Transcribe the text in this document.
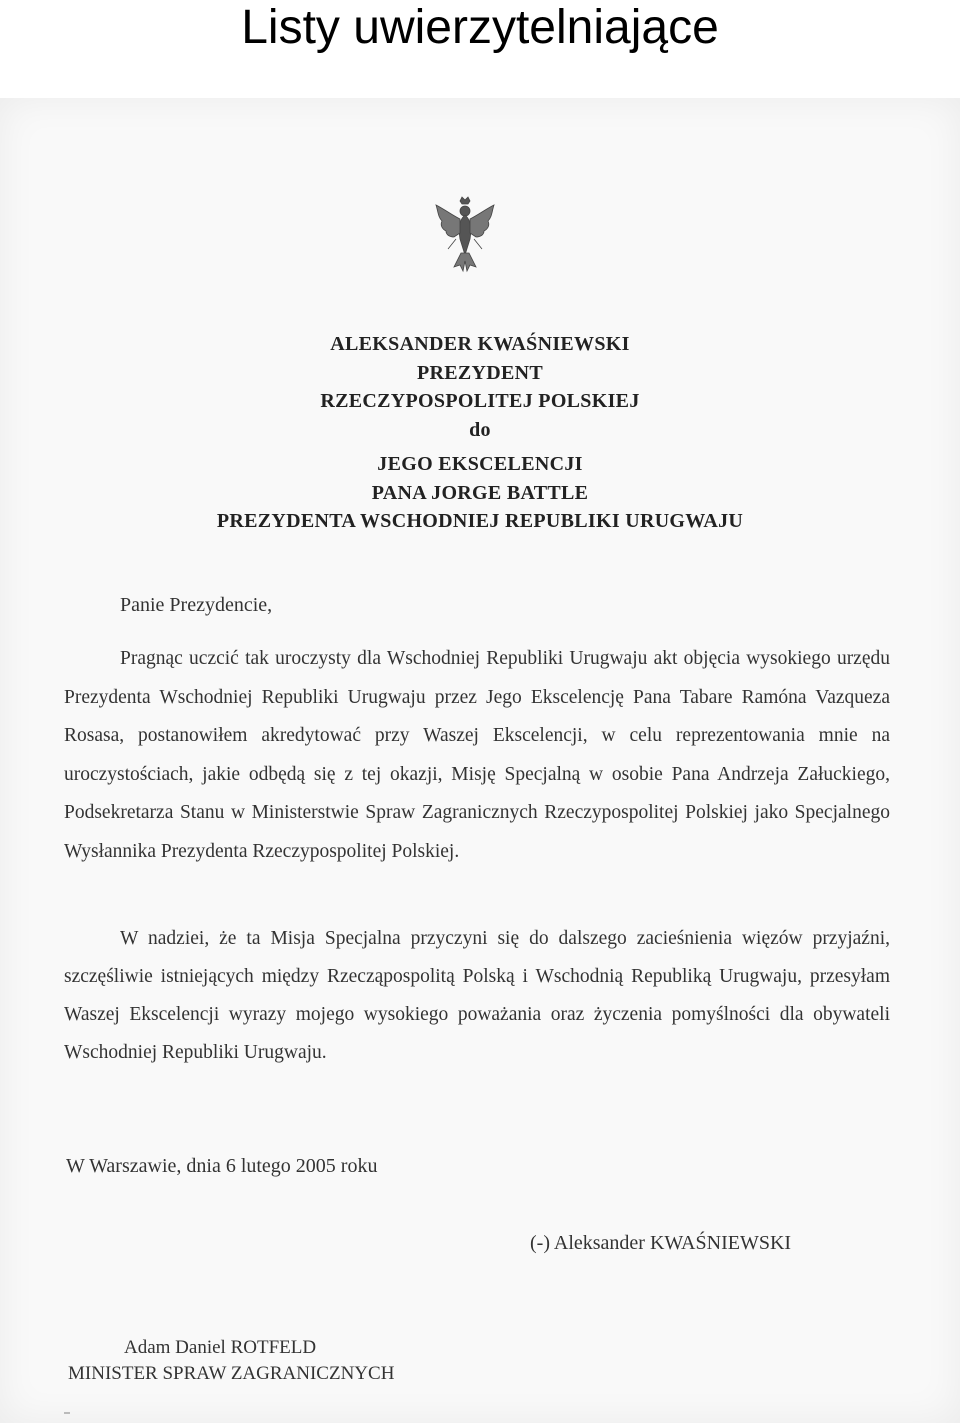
Listy uwierzytelniające
ALEKSANDER KWAŚNIEWSKI
PREZYDENT
RZECZYPOSPOLITEJ POLSKIEJ
do
JEGO EKSCELENCJI
PANA JORGE BATTLE
PREZYDENTA WSCHODNIEJ REPUBLIKI URUGWAJU
Panie Prezydencie,

Pragnąc uczcić tak uroczysty dla Wschodniej Republiki Urugwaju akt objęcia wysokiego urzędu Prezydenta Wschodniej Republiki Urugwaju przez Jego Ekscelencję Pana Tabare Ramóna Vazqueza Rosasa, postanowiłem akredytować przy Waszej Ekscelencji, w celu reprezentowania mnie na uroczystościach, jakie odbędą się z tej okazji, Misję Specjalną w osobie Pana Andrzeja Załuckiego, Podsekretarza Stanu w Ministerstwie Spraw Zagranicznych Rzeczypospolitej Polskiej jako Specjalnego Wysłannika Prezydenta Rzeczypospolitej Polskiej.

W nadziei, że ta Misja Specjalna przyczyni się do dalszego zacieśnienia więzów przyjaźni, szczęśliwie istniejących między Rzecząpospolitą Polską i Wschodnią Republiką Urugwaju, przesyłam Waszej Ekscelencji wyrazy mojego wysokiego poważania oraz życzenia pomyślności dla obywateli Wschodniej Republiki Urugwaju.

W Warszawie, dnia 6 lutego 2005 roku
(-) Aleksander KWAŚNIEWSKI
Adam Daniel ROTFELD
MINISTER SPRAW ZAGRANICZNYCH
